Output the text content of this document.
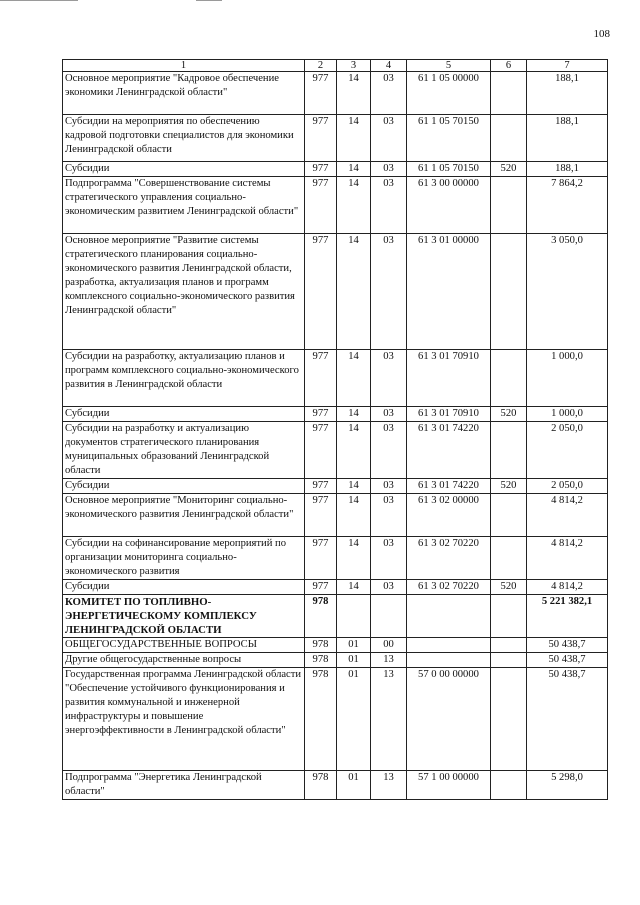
108
1	2	3	4	5	6	7
Основное мероприятие "Кадровое обеспечение экономики Ленинградской области"	977	14	03	61 1 05 00000		188,1
Субсидии на мероприятия по обеспечению кадровой подготовки специалистов для экономики Ленинградской области	977	14	03	61 1 05 70150		188,1
Субсидии	977	14	03	61 1 05 70150	520	188,1
Подпрограмма "Совершенствование системы стратегического управления социально-экономическим развитием Ленинградской области"	977	14	03	61 3 00 00000		7 864,2
Основное мероприятие "Развитие системы стратегического планирования социально-экономического развития Ленинградской области, разработка, актуализация планов и программ комплексного социально-экономического развития Ленинградской области"	977	14	03	61 3 01 00000		3 050,0
Субсидии на разработку, актуализацию планов и программ комплексного социально-экономического развития в Ленинградской области	977	14	03	61 3 01 70910		1 000,0
Субсидии	977	14	03	61 3 01 70910	520	1 000,0
Субсидии на разработку и актуализацию документов стратегического планирования муниципальных образований Ленинградской области	977	14	03	61 3 01 74220		2 050,0
Субсидии	977	14	03	61 3 01 74220	520	2 050,0
Основное мероприятие "Мониторинг социально-экономического развития Ленинградской области"	977	14	03	61 3 02 00000		4 814,2
Субсидии на софинансирование мероприятий по организации мониторинга социально-экономического развития	977	14	03	61 3 02 70220		4 814,2
Субсидии	977	14	03	61 3 02 70220	520	4 814,2
КОМИТЕТ ПО ТОПЛИВНО-ЭНЕРГЕТИЧЕСКОМУ КОМПЛЕКСУ ЛЕНИНГРАДСКОЙ ОБЛАСТИ	978					5 221 382,1
ОБЩЕГОСУДАРСТВЕННЫЕ ВОПРОСЫ	978	01	00			50 438,7
Другие общегосударственные вопросы	978	01	13			50 438,7
Государственная программа Ленинградской области "Обеспечение устойчивого функционирования и развития коммунальной и инженерной инфраструктуры и повышение энергоэффективности в Ленинградской области"	978	01	13	57 0 00 00000		50 438,7
Подпрограмма "Энергетика Ленинградской области"	978	01	13	57 1 00 00000		5 298,0
